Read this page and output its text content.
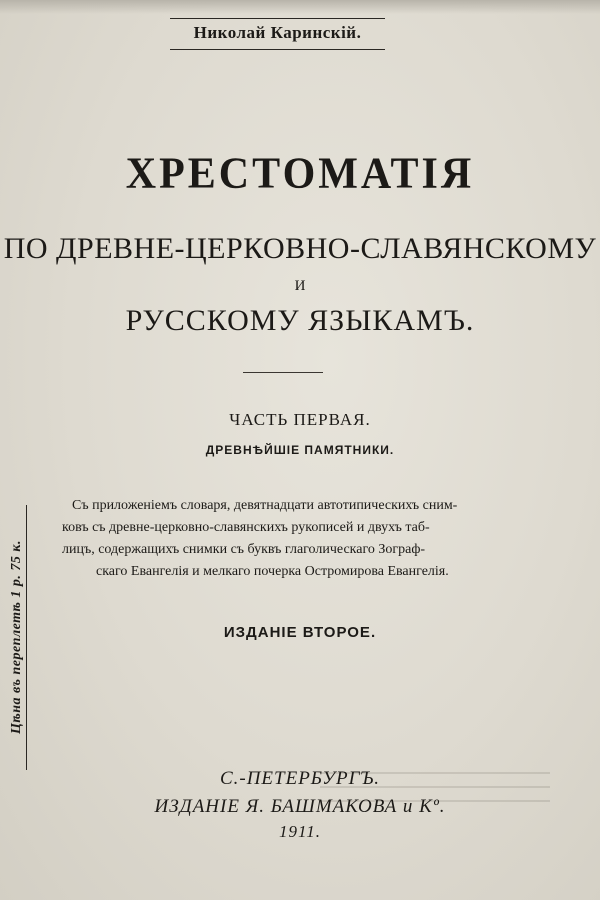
Николай Каринскій.
ХРЕСТОМАТІЯ
ПО ДРЕВНЕ-ЦЕРКОВНО-СЛАВЯНСКОМУ
И
РУССКОМУ ЯЗЫКАМЪ.
ЧАСТЬ ПЕРВАЯ.
ДРЕВНѢЙШІЕ ПАМЯТНИКИ.
Съ приложеніемъ словаря, девятнадцати автотипическихъ сним-
ковъ съ древне-церковно-славянскихъ рукописей и двухъ таб-
лицъ, содержащихъ снимки съ буквъ глаголическаго Зограф-
скаго Евангелія и мелкаго почерка Остромирова Евангелія.
ИЗДАНІЕ ВТОРОЕ.
Цѣна въ переплетѣ 1 р. 75 к.
С.-ПЕТЕРБУРГЪ.
ИЗДАНІЕ Я. БАШМАКОВА и Kº.
1911.
